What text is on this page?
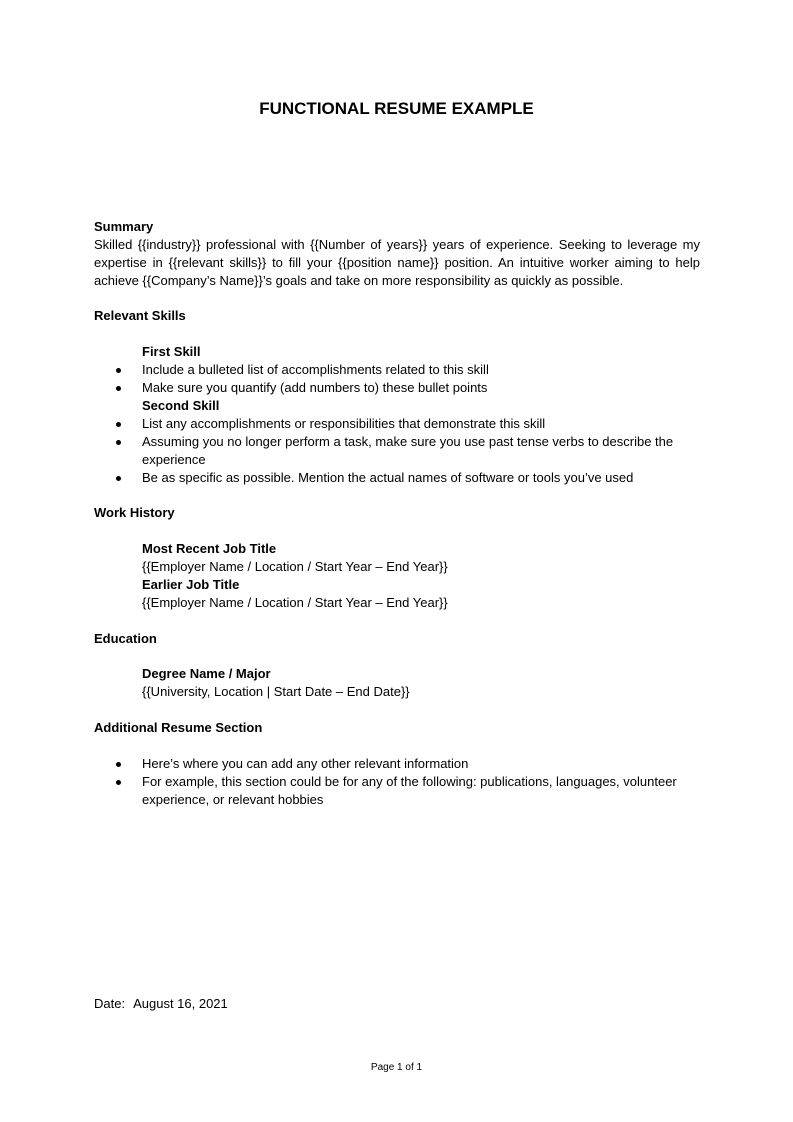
FUNCTIONAL RESUME EXAMPLE
Summary
Skilled {{industry}} professional with {{Number of years}} years of experience. Seeking to leverage my expertise in {{relevant skills}} to fill your {{position name}} position. An intuitive worker aiming to help achieve {{Company’s Name}}’s goals and take on more responsibility as quickly as possible.
Relevant Skills
First Skill
Include a bulleted list of accomplishments related to this skill
Make sure you quantify (add numbers to) these bullet points
Second Skill
List any accomplishments or responsibilities that demonstrate this skill
Assuming you no longer perform a task, make sure you use past tense verbs to describe the experience
Be as specific as possible. Mention the actual names of software or tools you’ve used
Work History
Most Recent Job Title
{{Employer Name / Location / Start Year – End Year}}
Earlier Job Title
{{Employer Name / Location / Start Year – End Year}}
Education
Degree Name / Major
{{University, Location | Start Date – End Date}}
Additional Resume Section
Here’s where you can add any other relevant information
For example, this section could be for any of the following: publications, languages, volunteer experience, or relevant hobbies
Date: August 16, 2021
Page 1 of 1
